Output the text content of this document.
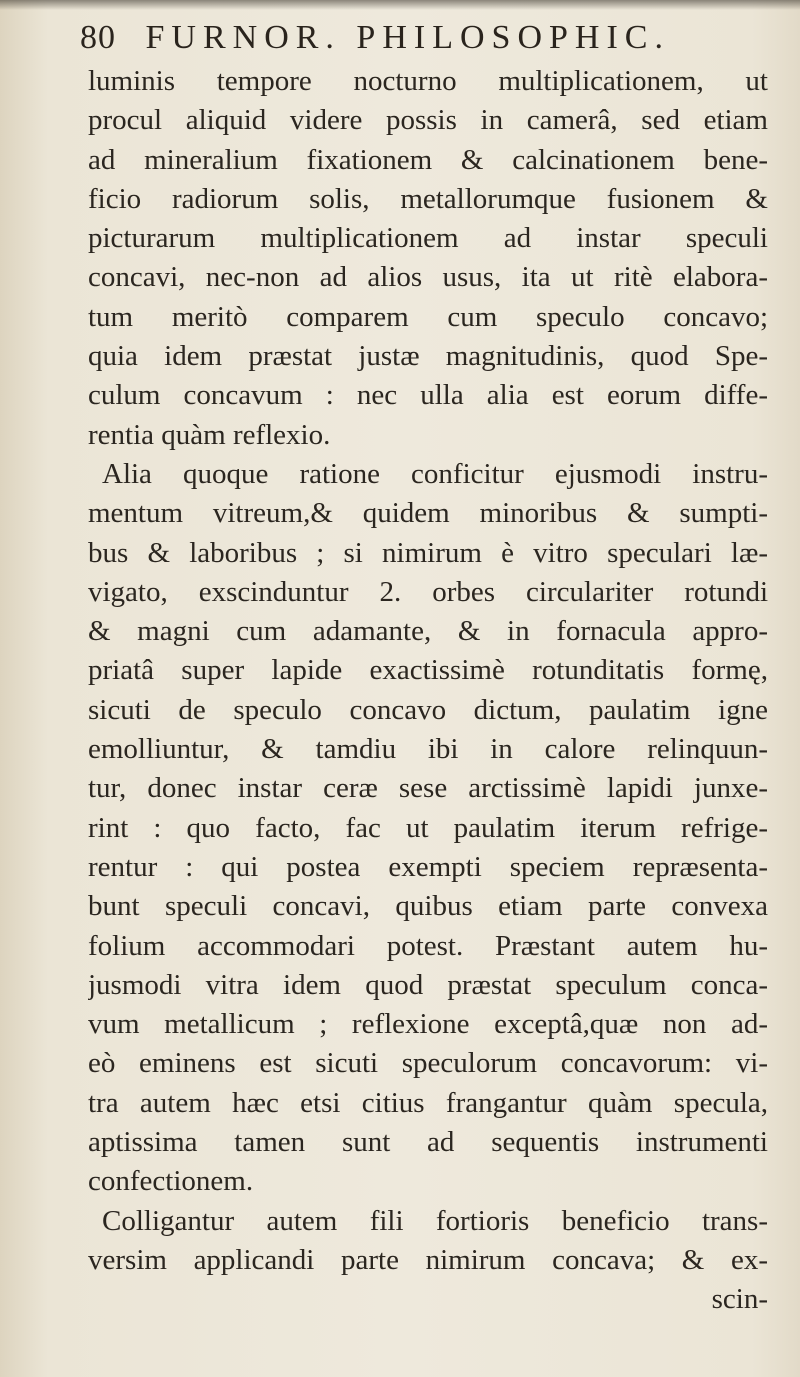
80 FURNOR. PHILOSOPHIC.
luminis tempore nocturno multiplicationem, ut
procul aliquid videre possis in camerâ, sed etiam
ad mineralium fixationem & calcinationem bene-
ficio radiorum solis, metallorumque fusionem &
picturarum multiplicationem ad instar speculi
concavi, nec-non ad alios usus, ita ut ritè elabora-
tum meritò comparem cum speculo concavo;
quia idem præstat justæ magnitudinis, quod Spe-
culum concavum : nec ulla alia est eorum diffe-
rentia quàm reflexio.
Alia quoque ratione conficitur ejusmodi instru-
mentum vitreum,& quidem minoribus & sumpti-
bus & laboribus ; si nimirum è vitro speculari læ-
vigato, exscinduntur 2. orbes circulariter rotundi
& magni cum adamante, & in fornacula appro-
priatâ super lapide exactissimè rotunditatis formę,
sicuti de speculo concavo dictum, paulatim igne
emolliuntur, & tamdiu ibi in calore relinquun-
tur, donec instar ceræ sese arctissimè lapidi junxe-
rint : quo facto, fac ut paulatim iterum refrige-
rentur : qui postea exempti speciem repræsenta-
bunt speculi concavi, quibus etiam parte convexa
folium accommodari potest. Præstant autem hu-
jusmodi vitra idem quod præstat speculum conca-
vum metallicum ; reflexione exceptâ,quæ non ad-
eò eminens est sicuti speculorum concavorum: vi-
tra autem hæc etsi citius frangantur quàm specula,
aptissima tamen sunt ad sequentis instrumenti
confectionem.
Colligantur autem fili fortioris beneficio trans-
versim applicandi parte nimirum concava; & ex-
scin-
